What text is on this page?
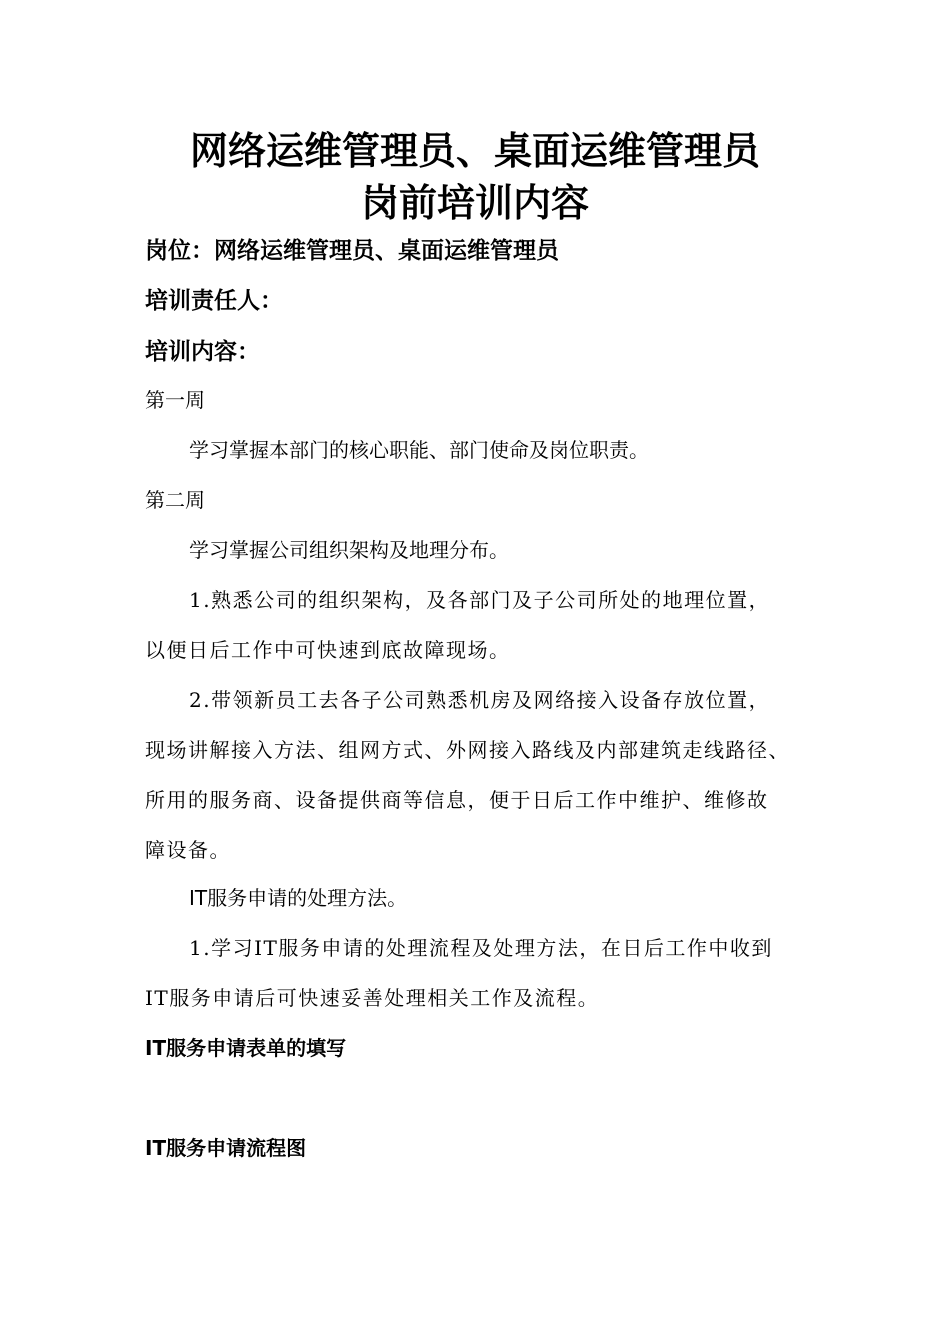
网络运维管理员、桌面运维管理员
岗前培训内容
岗位：网络运维管理员、桌面运维管理员
培训责任人：
培训内容：
第一周
学习掌握本部门的核心职能、部门使命及岗位职责。
第二周
学习掌握公司组织架构及地理分布。
1.熟悉公司的组织架构，及各部门及子公司所处的地理位置，
以便日后工作中可快速到底故障现场。
2.带领新员工去各子公司熟悉机房及网络接入设备存放位置，
现场讲解接入方法、组网方式、外网接入路线及内部建筑走线路径、
所用的服务商、设备提供商等信息，便于日后工作中维护、维修故
障设备。
IT服务申请的处理方法。
1.学习IT服务申请的处理流程及处理方法，在日后工作中收到
IT服务申请后可快速妥善处理相关工作及流程。
IT服务申请表单的填写
IT服务申请流程图
